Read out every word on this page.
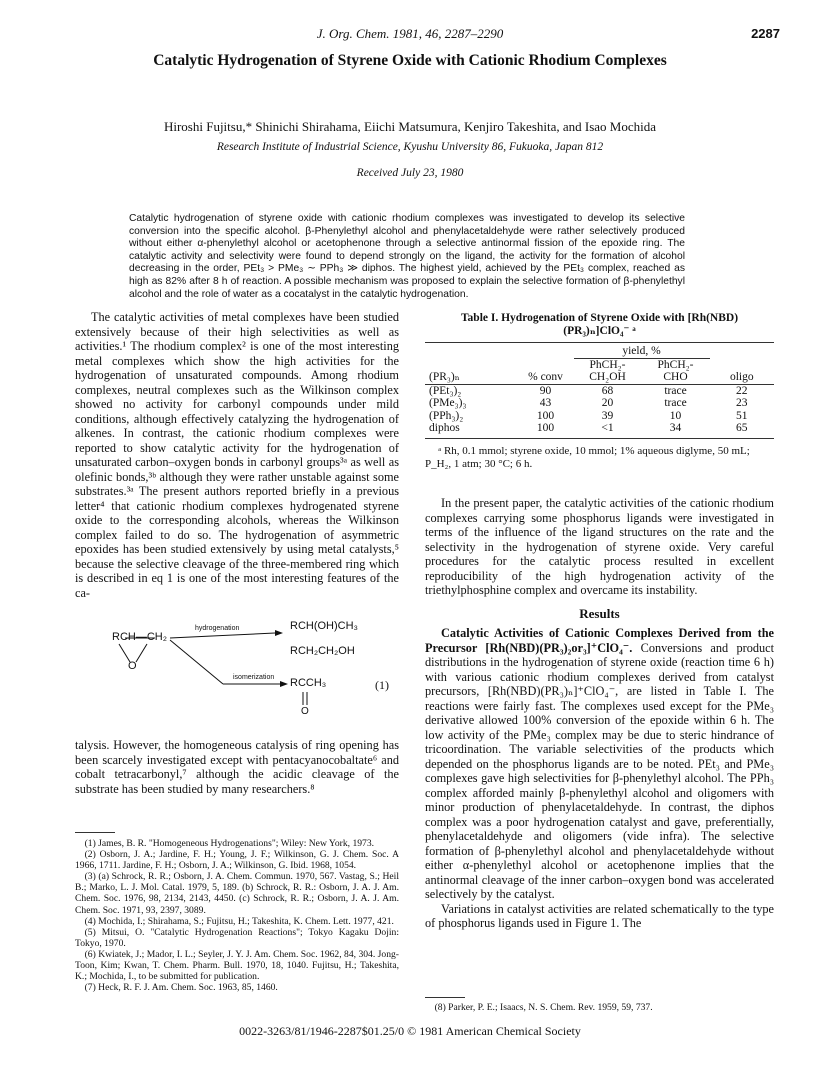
J. Org. Chem. 1981, 46, 2287–2290	2287
Catalytic Hydrogenation of Styrene Oxide with Cationic Rhodium Complexes
Hiroshi Fujitsu,* Shinichi Shirahama, Eiichi Matsumura, Kenjiro Takeshita, and Isao Mochida
Research Institute of Industrial Science, Kyushu University 86, Fukuoka, Japan 812
Received July 23, 1980
Catalytic hydrogenation of styrene oxide with cationic rhodium complexes was investigated to develop its selective conversion into the specific alcohol. β-Phenylethyl alcohol and phenylacetaldehyde were rather selectively produced without either α-phenylethyl alcohol or acetophenone through a selective antinormal fission of the epoxide ring. The catalytic activity and selectivity were found to depend strongly on the ligand, the activity for the formation of alcohol decreasing in the order, PEt₃ > PMe₃ ∼ PPh₃ ≫ diphos. The highest yield, achieved by the PEt₃ complex, reached as high as 82% after 8 h of reaction. A possible mechanism was proposed to explain the selective formation of β-phenylethyl alcohol and the role of water as a cocatalyst in the catalytic hydrogenation.

The catalytic activities of metal complexes have been studied extensively because of their high selectivities as well as activities.¹ The rhodium complex² is one of the most interesting metal complexes which show the high activities for the hydrogenation of unsaturated compounds. Among rhodium complexes, neutral complexes such as the Wilkinson complex showed no activity for carbonyl compounds under mild conditions, although effectively catalyzing the hydrogenation of alkenes. In contrast, the cationic rhodium complexes were reported to show catalytic activity for the hydrogenation of unsaturated carbon–oxygen bonds in carbonyl groups³ᵃ as well as olefinic bonds,³ᵇ although they were rather unstable against some substrates.³ᵃ The present authors reported briefly in a previous letter⁴ that cationic rhodium complexes hydrogenated styrene oxide to the corresponding alcohols, whereas the Wilkinson complex failed to do so. The hydrogenation of asymmetric epoxides has been studied extensively by using metal catalysts,⁵ because the selective cleavage of the three-membered ring which is described in eq 1 is one of the most interesting features of the ca-

RCH—CH₂
O
hydrogenation
isomerization
RCH(OH)CH₃
RCH₂CH₂OH
RCCH₃
O
(1)

talysis. However, the homogeneous catalysis of ring opening has been scarcely investigated except with pentacyanocobaltate⁶ and cobalt tetracarbonyl,⁷ although the acidic cleavage of the substrate has been studied by many researchers.⁸

(1) James, B. R. "Homogeneous Hydrogenations"; Wiley: New York, 1973.

(2) Osborn, J. A.; Jardine, F. H.; Young, J. F.; Wilkinson, G. J. Chem. Soc. A 1966, 1711. Jardine, F. H.; Osborn, J. A.; Wilkinson, G. Ibid. 1968, 1054.

(3) (a) Schrock, R. R.; Osborn, J. A. Chem. Commun. 1970, 567. Vastag, S.; Heil B.; Marko, L. J. Mol. Catal. 1979, 5, 189. (b) Schrock, R. R.: Osborn, J. A. J. Am. Chem. Soc. 1976, 98, 2134, 2143, 4450. (c) Schrock, R. R.; Osborn, J. A. J. Am. Chem. Soc. 1971, 93, 2397, 3089.

(4) Mochida, I.; Shirahama, S.; Fujitsu, H.; Takeshita, K. Chem. Lett. 1977, 421.

(5) Mitsui, O. "Catalytic Hydrogenation Reactions"; Tokyo Kagaku Dojin: Tokyo, 1970.

(6) Kwiatek, J.; Mador, I. L.; Seyler, J. Y. J. Am. Chem. Soc. 1962, 84, 304. Jong-Toon, Kim; Kwan, T. Chem. Pharm. Bull. 1970, 18, 1040. Fujitsu, H.; Takeshita, K.; Mochida, I., to be submitted for publication.

(7) Heck, R. F. J. Am. Chem. Soc. 1963, 85, 1460.

Table I. Hydrogenation of Styrene Oxide with [Rh(NBD)(PR₃)ₙ]ClO₄⁻ ᵃ
		yield, %		
(PR₃)ₙ	% conv	PhCH₂-CH₂OH	PhCH₂-CHO	oligo

(PEt₃)₂	90	68	trace	22
(PMe₃)₃	43	20	trace	23
(PPh₃)₂	100	39	10	51
diphos	100	<1	34	65
ᵃ Rh, 0.1 mmol; styrene oxide, 10 mmol; 1% aqueous diglyme, 50 mL; P_H₂, 1 atm; 30 °C; 6 h.

In the present paper, the catalytic activities of the cationic rhodium complexes carrying some phosphorus ligands were investigated in terms of the influence of the ligand structures on the rate and the selectivity in the hydrogenation of styrene oxide. Very careful procedures for the catalytic process resulted in excellent reproducibility of the high hydrogenation activity of the triethylphosphine complex and overcame its instability.

Results

Catalytic Activities of Cationic Complexes Derived from the Precursor [Rh(NBD)(PR₃)₂or₃]⁺ClO₄⁻. Conversions and product distributions in the hydrogenation of styrene oxide (reaction time 6 h) with various cationic rhodium complexes derived from catalyst precursors, [Rh(NBD)(PR₃)ₙ]⁺ClO₄⁻, are listed in Table I. The reactions were fairly fast. The complexes used except for the PMe₃ derivative allowed 100% conversion of the epoxide within 6 h. The low activity of the PMe₃ complex may be due to steric hindrance of tricoordination. The variable selectivities of the products which depended on the phosphorus ligands are to be noted. PEt₃ and PMe₃ complexes gave high selectivities for β-phenylethyl alcohol. The PPh₃ complex afforded mainly β-phenylethyl alcohol and oligomers with minor production of phenylacetaldehyde. In contrast, the diphos complex was a poor hydrogenation catalyst and gave, preferentially, phenylacetaldehyde and oligomers (vide infra). The selective formation of β-phenylethyl alcohol and phenylacetaldehyde without either α-phenylethyl alcohol or acetophenone implies that the antinormal cleavage of the inner carbon–oxygen bond was accelerated selectively by the catalyst.

Variations in catalyst activities are related schematically to the type of phosphorus ligands used in Figure 1. The

(8) Parker, P. E.; Isaacs, N. S. Chem. Rev. 1959, 59, 737.

0022-3263/81/1946-2287$01.25/0 © 1981 American Chemical Society
